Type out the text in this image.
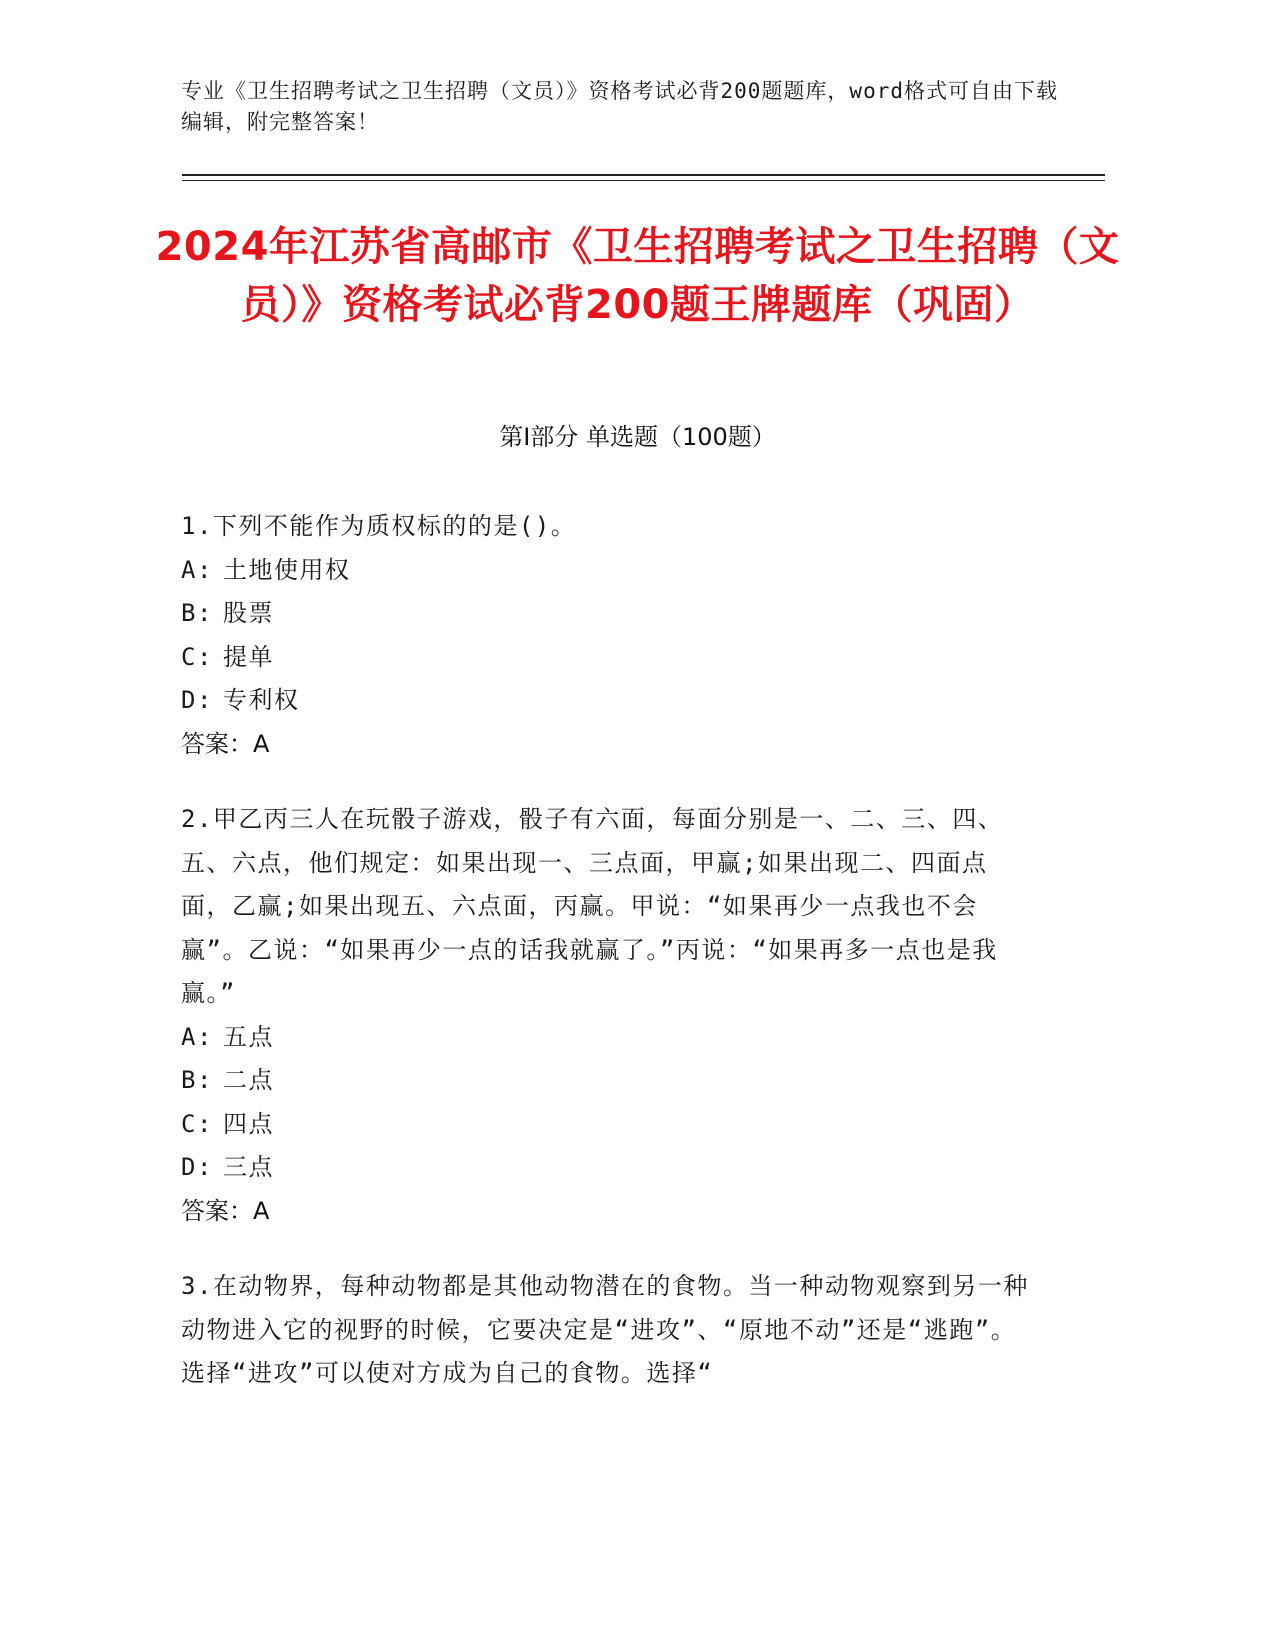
专业《卫生招聘考试之卫生招聘（文员）》资格考试必背200题题库，word格式可自由下载编辑，附完整答案！
2024年江苏省高邮市《卫生招聘考试之卫生招聘（文员）》资格考试必背200题王牌题库（巩固）
第Ⅰ部分 单选题（100题）

1.下列不能作为质权标的的是()。

A: 土地使用权

B: 股票

C: 提单

D: 专利权

答案：A

2.甲乙丙三人在玩骰子游戏，骰子有六面，每面分别是一、二、三、四、五、六点，他们规定：如果出现一、三点面，甲赢;如果出现二、四面点面，乙赢;如果出现五、六点面，丙赢。甲说：“如果再少一点我也不会赢”。乙说：“如果再少一点的话我就赢了。”丙说：“如果再多一点也是我赢。”

A: 五点

B: 二点

C: 四点

D: 三点

答案：A

3.在动物界，每种动物都是其他动物潜在的食物。当一种动物观察到另一种动物进入它的视野的时候，它要决定是“进攻”、“原地不动”还是“逃跑”。选择“进攻”可以使对方成为自己的食物。选择“
